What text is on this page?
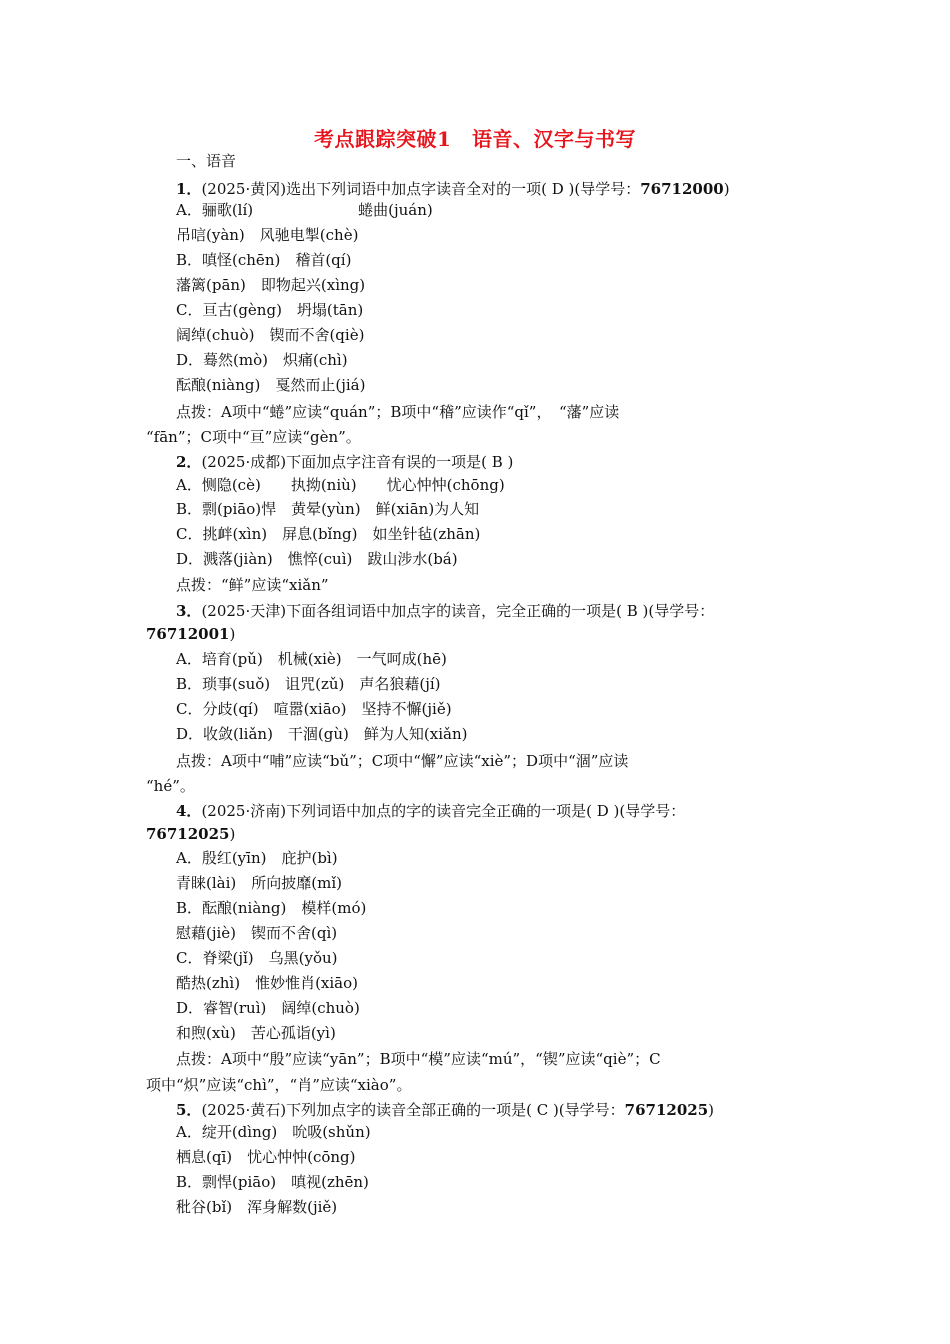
考点跟踪突破1　语音、汉字与书写
一、语音
1．(2025·黄冈)选出下列词语中加点字读音全对的一项( D )(导学号：76712000)
A．骊歌(lí)　　　　　　　蜷曲(juán)
吊唁(yàn)　风驰电掣(chè)
B．嗔怪(chēn)　稽首(qí)
藩篱(pān)　即物起兴(xìng)
C．亘古(gèng)　坍塌(tān)
阔绰(chuò)　锲而不舍(qiè)
D．蓦然(mò)　炽痛(chì)
酝酿(niàng)　戛然而止(jiá)
点拨：A项中“蜷”应读“quán”；B项中“稽”应读作“qǐ”，　“藩”应读
“fān”；C项中“亘”应读“gèn”。
2．(2025·成都)下面加点字注音有误的一项是( B )
A．恻隐(cè)　　执拗(niù)　　忧心忡忡(chōng)
B．剽(piāo)悍　黄晕(yùn)　鲜(xiān)为人知
C．挑衅(xìn)　屏息(bǐng)　如坐针毡(zhān)
D．溅落(jiàn)　憔悴(cuì)　跋山涉水(bá)
点拨：“鲜”应读“xiǎn”
3．(2025·天津)下面各组词语中加点字的读音，完全正确的一项是( B )(导学号：
76712001)
A．培育(pǔ)　机械(xiè)　一气呵成(hē)
B．琐事(suǒ)　诅咒(zǔ)　声名狼藉(jí)
C．分歧(qí)　喧嚣(xiāo)　坚持不懈(jiě)
D．收敛(liǎn)　干涸(gù)　鲜为人知(xiǎn)
点拨：A项中“哺”应读“bǔ”；C项中“懈”应读“xiè”；D项中“涸”应读
“hé”。
4．(2025·济南)下列词语中加点的字的读音完全正确的一项是( D )(导学号：
76712025)
A．殷红(yīn)　庇护(bì)
青睐(lài)　所向披靡(mǐ)
B．酝酿(niàng)　模样(mó)
慰藉(jiè)　锲而不舍(qì)
C．脊梁(jǐ)　乌黑(yǒu)
酷热(zhì)　惟妙惟肖(xiāo)
D．睿智(ruì)　阔绰(chuò)
和煦(xù)　苦心孤诣(yì)
点拨：A项中“殷”应读“yān”；B项中“模”应读“mú”，“锲”应读“qiè”；C
项中“炽”应读“chì”，“肖”应读“xiào”。
5．(2025·黄石)下列加点字的读音全部正确的一项是( C )(导学号：76712025)
A．绽开(dìng)　吮吸(shǔn)
栖息(qī)　忧心忡忡(cōng)
B．剽悍(piāo)　嗔视(zhēn)
秕谷(bǐ)　浑身解数(jiě)
